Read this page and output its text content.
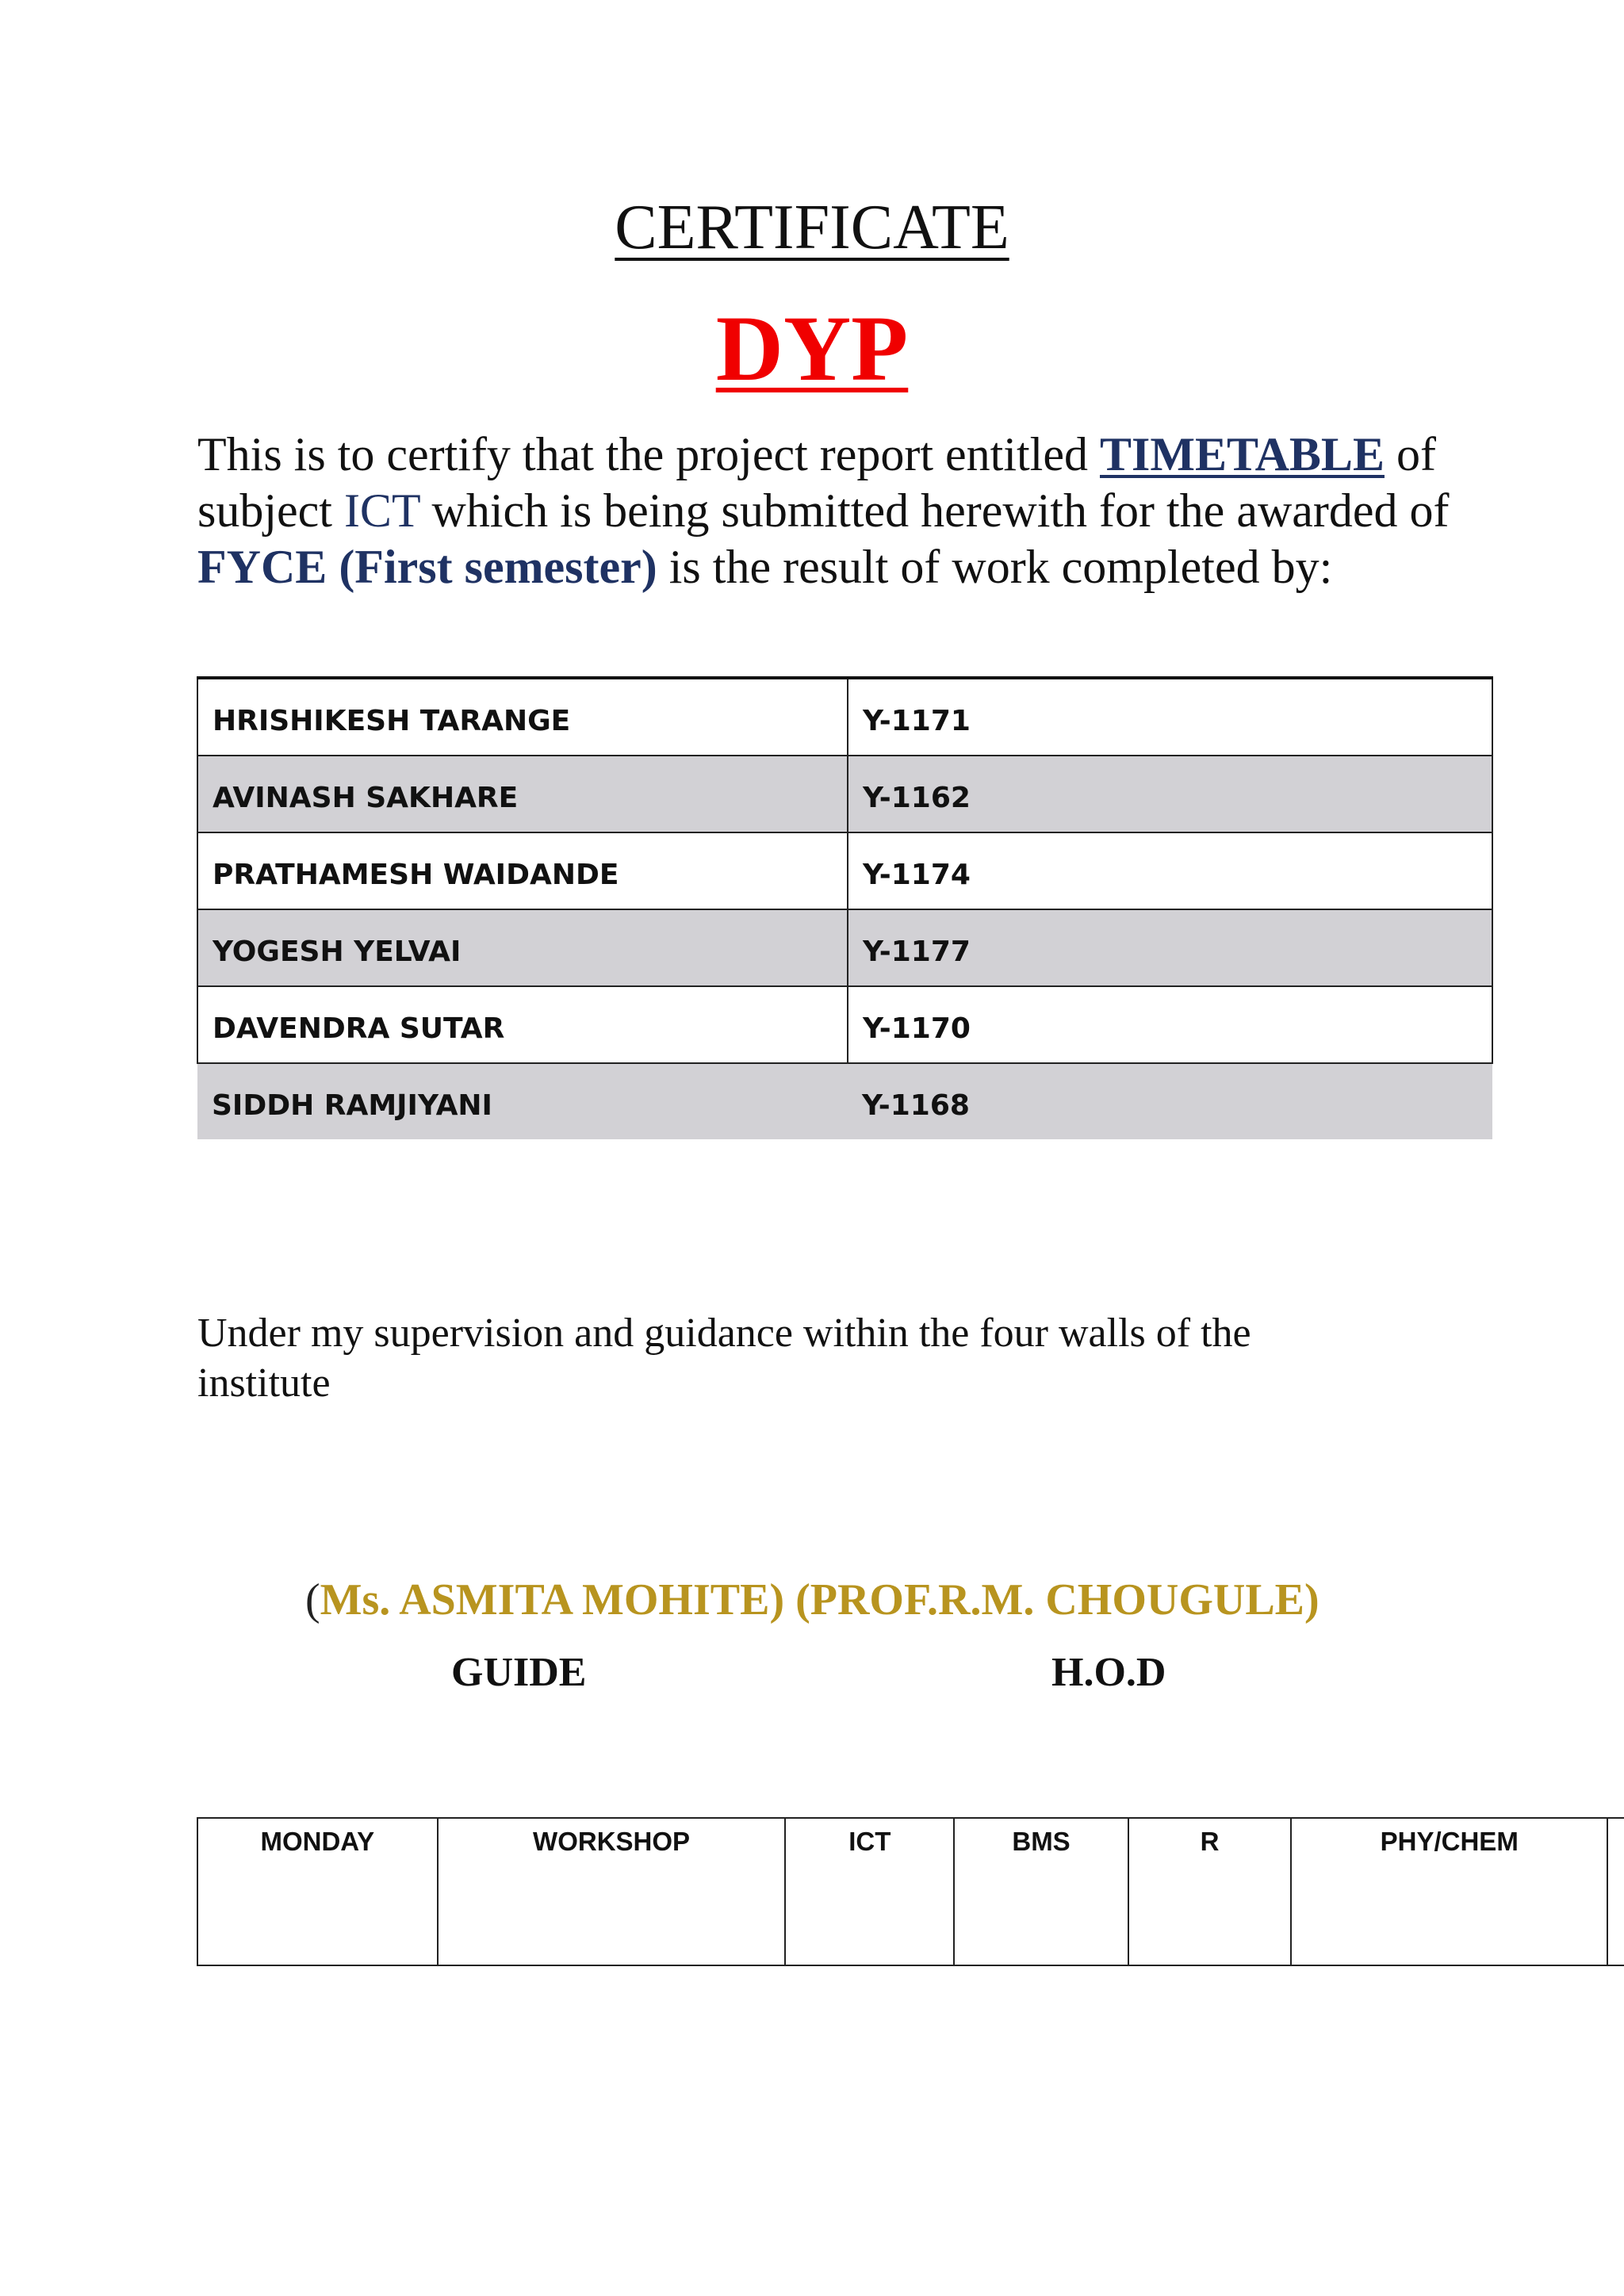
CERTIFICATE
DYP
This is to certify that the project report entitled TIMETABLE of subject ICT which is being submitted herewith for the awarded of FYCE (First semester) is the result of work completed by:
HRISHIKESH TARANGE	Y-1171
AVINASH SAKHARE	Y-1162
PRATHAMESH WAIDANDE	Y-1174
YOGESH YELVAI	Y-1177
DAVENDRA SUTAR	Y-1170
SIDDH RAMJIYANI	Y-1168
Under my supervision and guidance within the four walls of the institute
(Ms. ASMITA MOHITE) (PROF.R.M. CHOUGULE)
GUIDE	H.O.D
MONDAY	WORKSHOP	ICT	BMS	R	PHY/CHEM	
